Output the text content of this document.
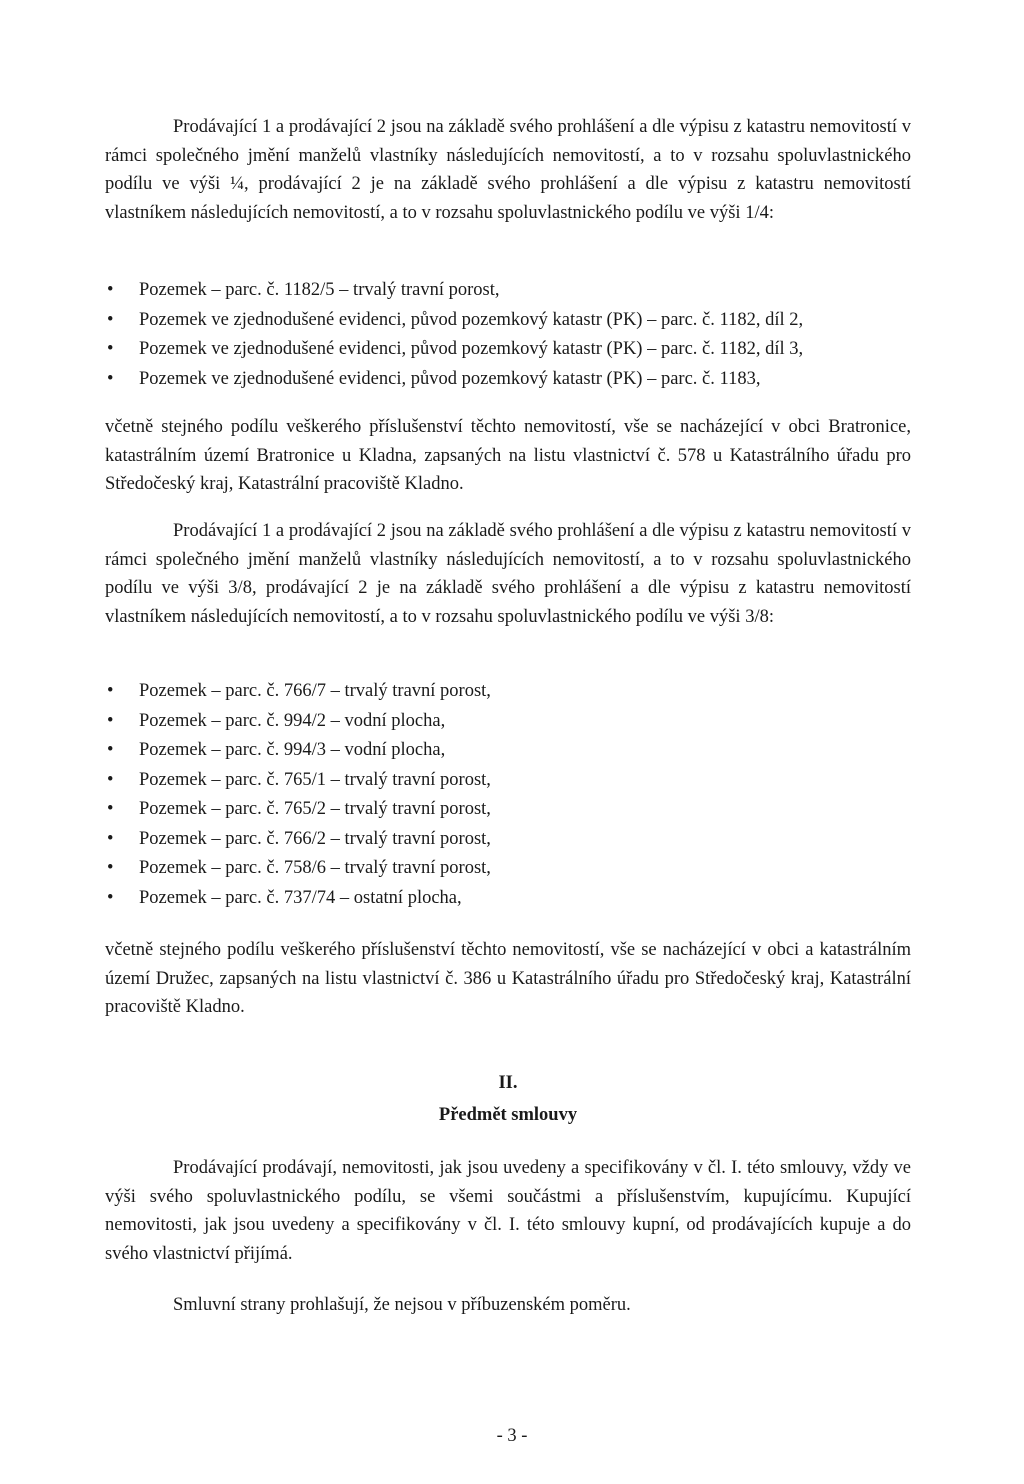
Prodávající 1 a prodávající 2 jsou na základě svého prohlášení a dle výpisu z katastru nemovitostí v rámci společného jmění manželů vlastníky následujících nemovitostí, a to v rozsahu spoluvlastnického podílu ve výši ¼, prodávající 2 je na základě svého prohlášení a dle výpisu z katastru nemovitostí vlastníkem následujících nemovitostí, a to v rozsahu spoluvlastnického podílu ve výši 1/4:

• Pozemek – parc. č. 1182/5 – trvalý travní porost,
• Pozemek ve zjednodušené evidenci, původ pozemkový katastr (PK) – parc. č. 1182, díl 2,
• Pozemek ve zjednodušené evidenci, původ pozemkový katastr (PK) – parc. č. 1182, díl 3,
• Pozemek ve zjednodušené evidenci, původ pozemkový katastr (PK) – parc. č. 1183,

včetně stejného podílu veškerého příslušenství těchto nemovitostí, vše se nacházející v obci Bratronice, katastrálním území Bratronice u Kladna, zapsaných na listu vlastnictví č. 578 u Katastrálního úřadu pro Středočeský kraj, Katastrální pracoviště Kladno.

Prodávající 1 a prodávající 2 jsou na základě svého prohlášení a dle výpisu z katastru nemovitostí v rámci společného jmění manželů vlastníky následujících nemovitostí, a to v rozsahu spoluvlastnického podílu ve výši 3/8, prodávající 2 je na základě svého prohlášení a dle výpisu z katastru nemovitostí vlastníkem následujících nemovitostí, a to v rozsahu spoluvlastnického podílu ve výši 3/8:

• Pozemek – parc. č. 766/7 – trvalý travní porost,
• Pozemek – parc. č. 994/2 – vodní plocha,
• Pozemek – parc. č. 994/3 – vodní plocha,
• Pozemek – parc. č. 765/1 – trvalý travní porost,
• Pozemek – parc. č. 765/2 – trvalý travní porost,
• Pozemek – parc. č. 766/2 – trvalý travní porost,
• Pozemek – parc. č. 758/6 – trvalý travní porost,
• Pozemek – parc. č. 737/74 – ostatní plocha,

včetně stejného podílu veškerého příslušenství těchto nemovitostí, vše se nacházející v obci a katastrálním území Družec, zapsaných na listu vlastnictví č. 386 u Katastrálního úřadu pro Středočeský kraj, Katastrální pracoviště Kladno.

II.

Předmět smlouvy

Prodávající prodávají, nemovitosti, jak jsou uvedeny a specifikovány v čl. I. této smlouvy, vždy ve výši svého spoluvlastnického podílu, se všemi součástmi a příslušenstvím, kupujícímu. Kupující nemovitosti, jak jsou uvedeny a specifikovány v čl. I. této smlouvy kupní, od prodávajících kupuje a do svého vlastnictví přijímá.

Smluvní strany prohlašují, že nejsou v příbuzenském poměru.

- 3 -
